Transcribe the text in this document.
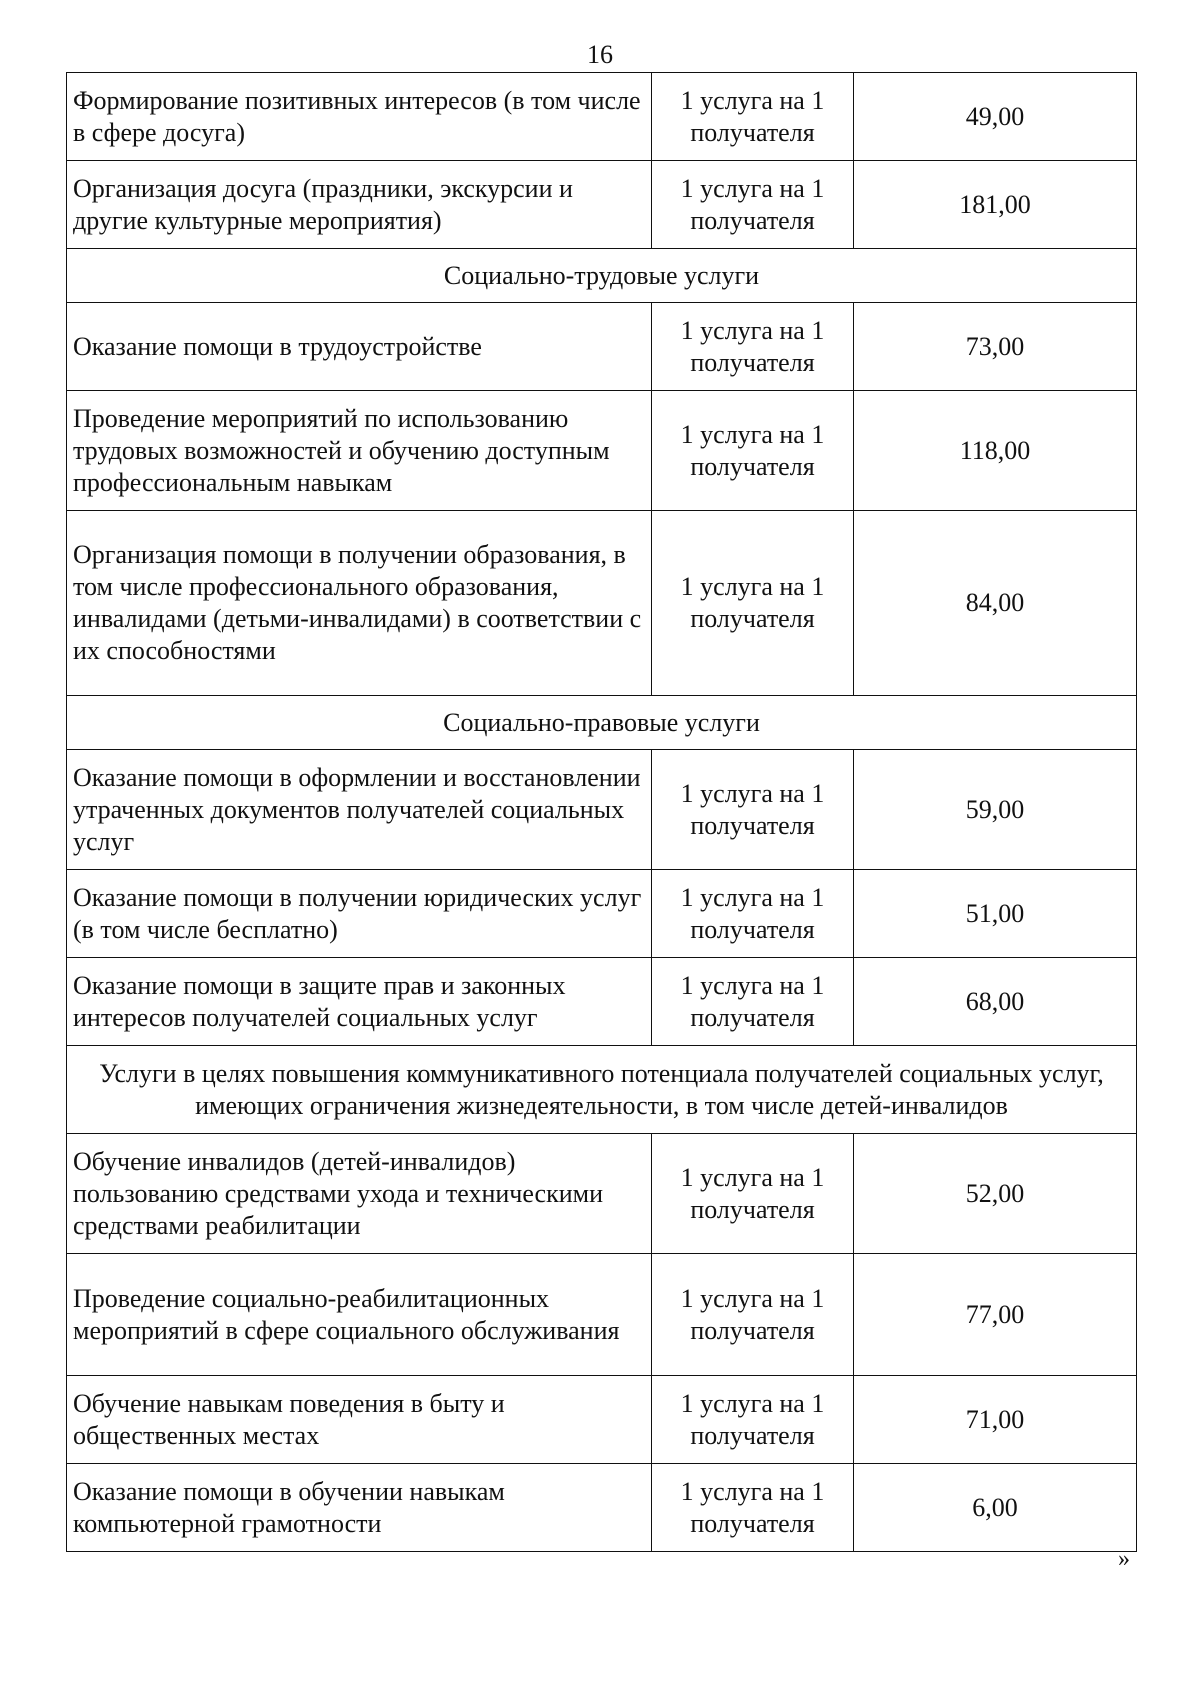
16
Формирование позитивных интересов (в том числе в сфере досуга)	1 услуга на 1 получателя	49,00
Организация досуга (праздники, экскурсии и другие культурные мероприятия)	1 услуга на 1 получателя	181,00
Социально-трудовые услуги		
Оказание помощи в трудоустройстве	1 услуга на 1 получателя	73,00
Проведение мероприятий по использованию трудовых возможностей и обучению доступным профессиональным навыкам	1 услуга на 1 получателя	118,00
Организация помощи в получении образования, в том числе профессионального образования, инвалидами (детьми-инвалидами) в соответствии с их способностями	1 услуга на 1 получателя	84,00
Социально-правовые услуги		
Оказание помощи в оформлении и восстановлении утраченных документов получателей социальных услуг	1 услуга на 1 получателя	59,00
Оказание помощи в получении юридических услуг (в том числе бесплатно)	1 услуга на 1 получателя	51,00
Оказание помощи в защите прав и законных интересов получателей социальных услуг	1 услуга на 1 получателя	68,00
Услуги в целях повышения коммуникативного потенциала получателей социальных услуг, имеющих ограничения жизнедеятельности, в том числе детей-инвалидов		
Обучение инвалидов (детей-инвалидов) пользованию средствами ухода и техническими средствами реабилитации	1 услуга на 1 получателя	52,00
Проведение социально-реабилитационных мероприятий в сфере социального обслуживания	1 услуга на 1 получателя	77,00
Обучение навыкам поведения в быту и общественных местах	1 услуга на 1 получателя	71,00
Оказание помощи в обучении навыкам компьютерной грамотности	1 услуга на 1 получателя	6,00
»
